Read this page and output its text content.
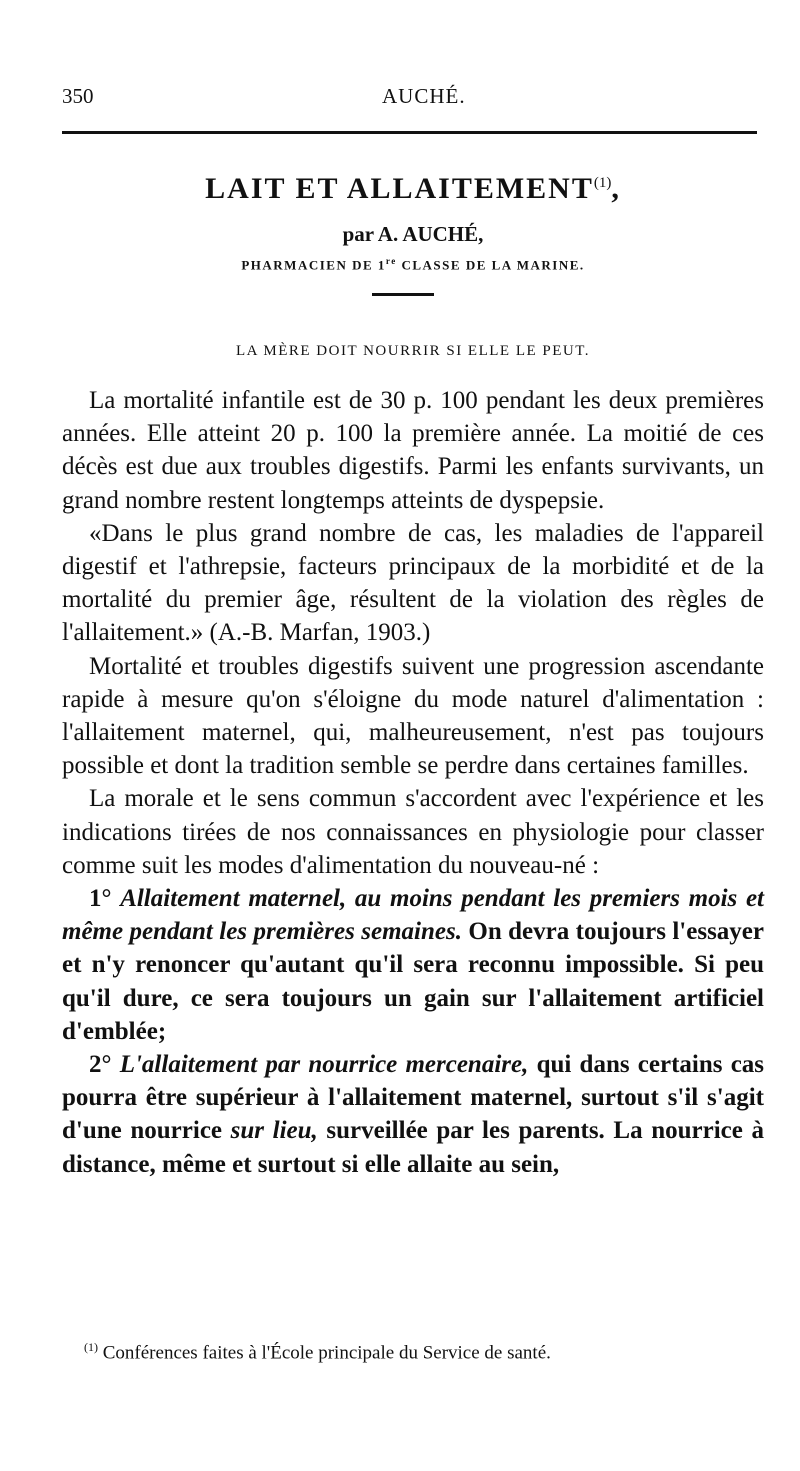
350	AUCHÉ.
LAIT ET ALLAITEMENT$^{(1)}$,
par A. AUCHÉ,
PHARMACIEN DE 1re CLASSE DE LA MARINE.
LA MÈRE DOIT NOURRIR SI ELLE LE PEUT.

La mortalité infantile est de 30 p. 100 pendant les deux premières années. Elle atteint 20 p. 100 la première année. La moitié de ces décès est due aux troubles digestifs. Parmi les enfants survivants, un grand nombre restent longtemps atteints de dyspepsie.

«Dans le plus grand nombre de cas, les maladies de l'appareil digestif et l'athrepsie, facteurs principaux de la morbidité et de la mortalité du premier âge, résultent de la violation des règles de l'allaitement.» (A.-B. Marfan, 1903.)

Mortalité et troubles digestifs suivent une progression ascendante rapide à mesure qu'on s'éloigne du mode naturel d'alimentation : l'allaitement maternel, qui, malheureusement, n'est pas toujours possible et dont la tradition semble se perdre dans certaines familles.

La morale et le sens commun s'accordent avec l'expérience et les indications tirées de nos connaissances en physiologie pour classer comme suit les modes d'alimentation du nouveau-né :

1° Allaitement maternel, au moins pendant les premiers mois et même pendant les premières semaines. On devra toujours l'essayer et n'y renoncer qu'autant qu'il sera reconnu impossible. Si peu qu'il dure, ce sera toujours un gain sur l'allaitement artificiel d'emblée;

2° L'allaitement par nourrice mercenaire, qui dans certains cas pourra être supérieur à l'allaitement maternel, surtout s'il s'agit d'une nourrice sur lieu, surveillée par les parents. La nourrice à distance, même et surtout si elle allaite au sein,

$^{(1)}$ Conférences faites à l'École principale du Service de santé.
